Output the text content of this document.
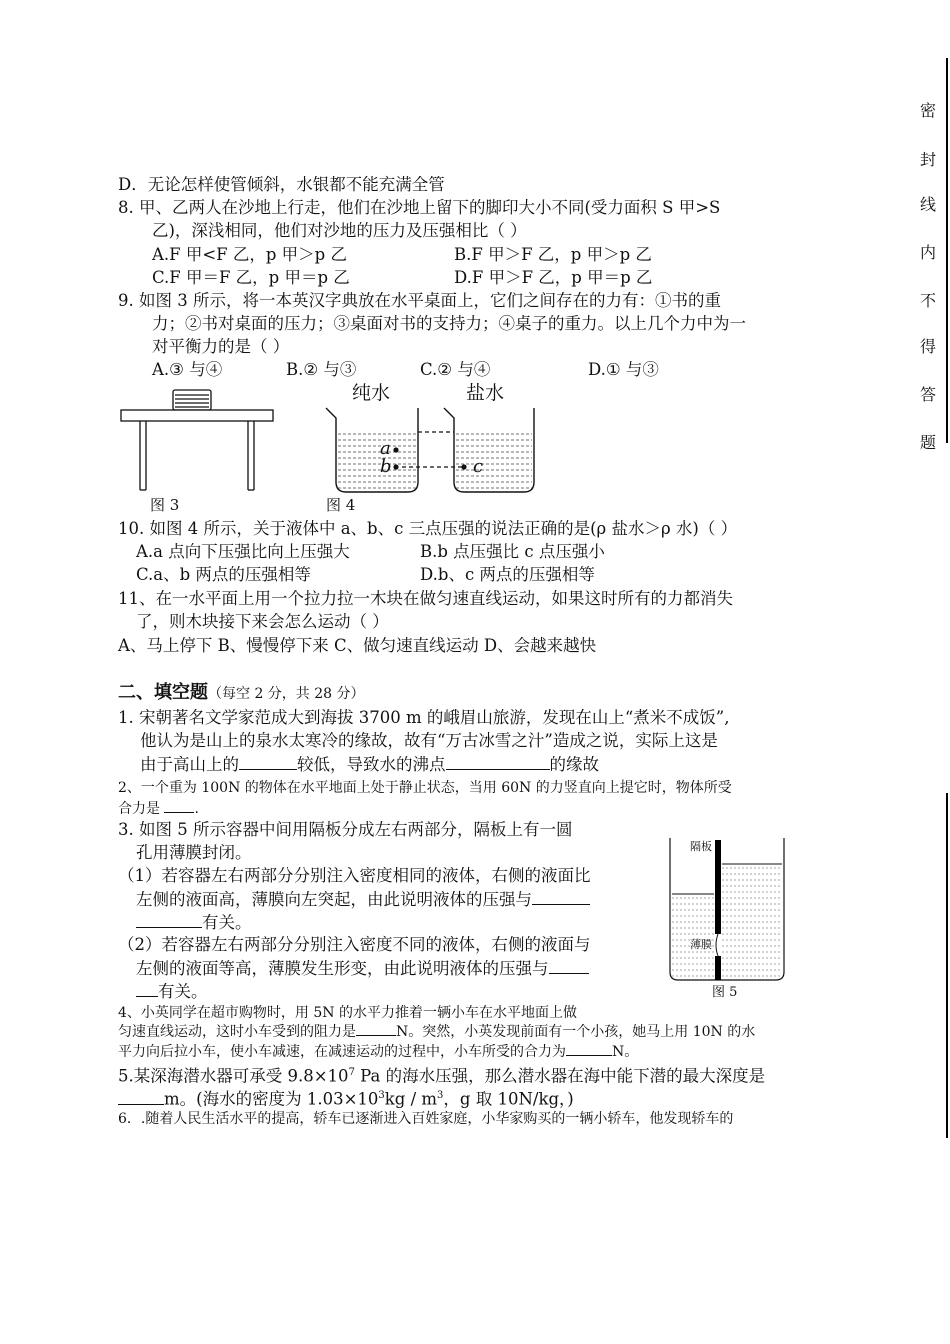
密
封
线
内
不
得
答
题
D．无论怎样使管倾斜，水银都不能充满全管
8. 甲、乙两人在沙地上行走，他们在沙地上留下的脚印大小不同(受力面积 S 甲>S
乙)，深浅相同，他们对沙地的压力及压强相比（ ）
A.F 甲<F 乙，p 甲＞p 乙	B.F 甲＞F 乙，p 甲＞p 乙
C.F 甲＝F 乙，p 甲＝p 乙	D.F 甲＞F 乙，p 甲＝p 乙
9. 如图 3 所示，将一本英汉字典放在水平桌面上，它们之间存在的力有：①书的重
力；②书对桌面的压力；③桌面对书的支持力；④桌子的重力。以上几个力中为一
对平衡力的是（ ）
A.③ 与④	B.② 与③	C.② 与④	D.① 与③
图 3
纯水	盐水
a
b	c
图 4
10. 如图 4 所示，关于液体中 a、b、c 三点压强的说法正确的是(ρ 盐水＞ρ 水)（ ）
A.a 点向下压强比向上压强大	B.b 点压强比 c 点压强小
C.a、b 两点的压强相等	D.b、c 两点的压强相等
11、在一水平面上用一个拉力拉一木块在做匀速直线运动，如果这时所有的力都消失
了，则木块接下来会怎么运动（ ）
A、马上停下 B、慢慢停下来 C、做匀速直线运动 D、会越来越快
二、填空题（每空 2 分，共 28 分）
1. 宋朝著名文学家范成大到海拔 3700 m 的峨眉山旅游，发现在山上“煮米不成饭”,
他认为是山上的泉水太寒冷的缘故，故有“万古冰雪之汁”造成之说，实际上这是
由于高山上的	较低，导致水的沸点	的缘故
2、一个重为 100N 的物体在水平地面上处于静止状态，当用 60N 的力竖直向上提它时，物体所受
合力是 .
3. 如图 5 所示容器中间用隔板分成左右两部分，隔板上有一圆
孔用薄膜封闭。
（1）若容器左右两部分分别注入密度相同的液体，右侧的液面比
左侧的液面高，薄膜向左突起，由此说明液体的压强与
有关。
（2）若容器左右两部分分别注入密度不同的液体，右侧的液面与
左侧的液面等高，薄膜发生形变，由此说明液体的压强与
有关。
隔板
薄膜
图 5
4、小英同学在超市购物时，用 5N 的水平力推着一辆小车在水平地面上做
匀速直线运动，这时小车受到的阻力是	N。突然，小英发现前面有一个小孩，她马上用 10N 的水
平力向后拉小车，使小车减速，在减速运动的过程中，小车所受的合力为	N。
5.某深海潜水器可承受 $9.8\times 10^7$ Pa 的海水压强，那么潜水器在海中能下潜的最大深度是
m。(海水的密度为 $1.03\times 10^3kg / m^3$，g 取 10N/kg，)
6．.随着人民生活水平的提高，轿车已逐渐进入百姓家庭，小华家购买的一辆小轿车，他发现轿车的
